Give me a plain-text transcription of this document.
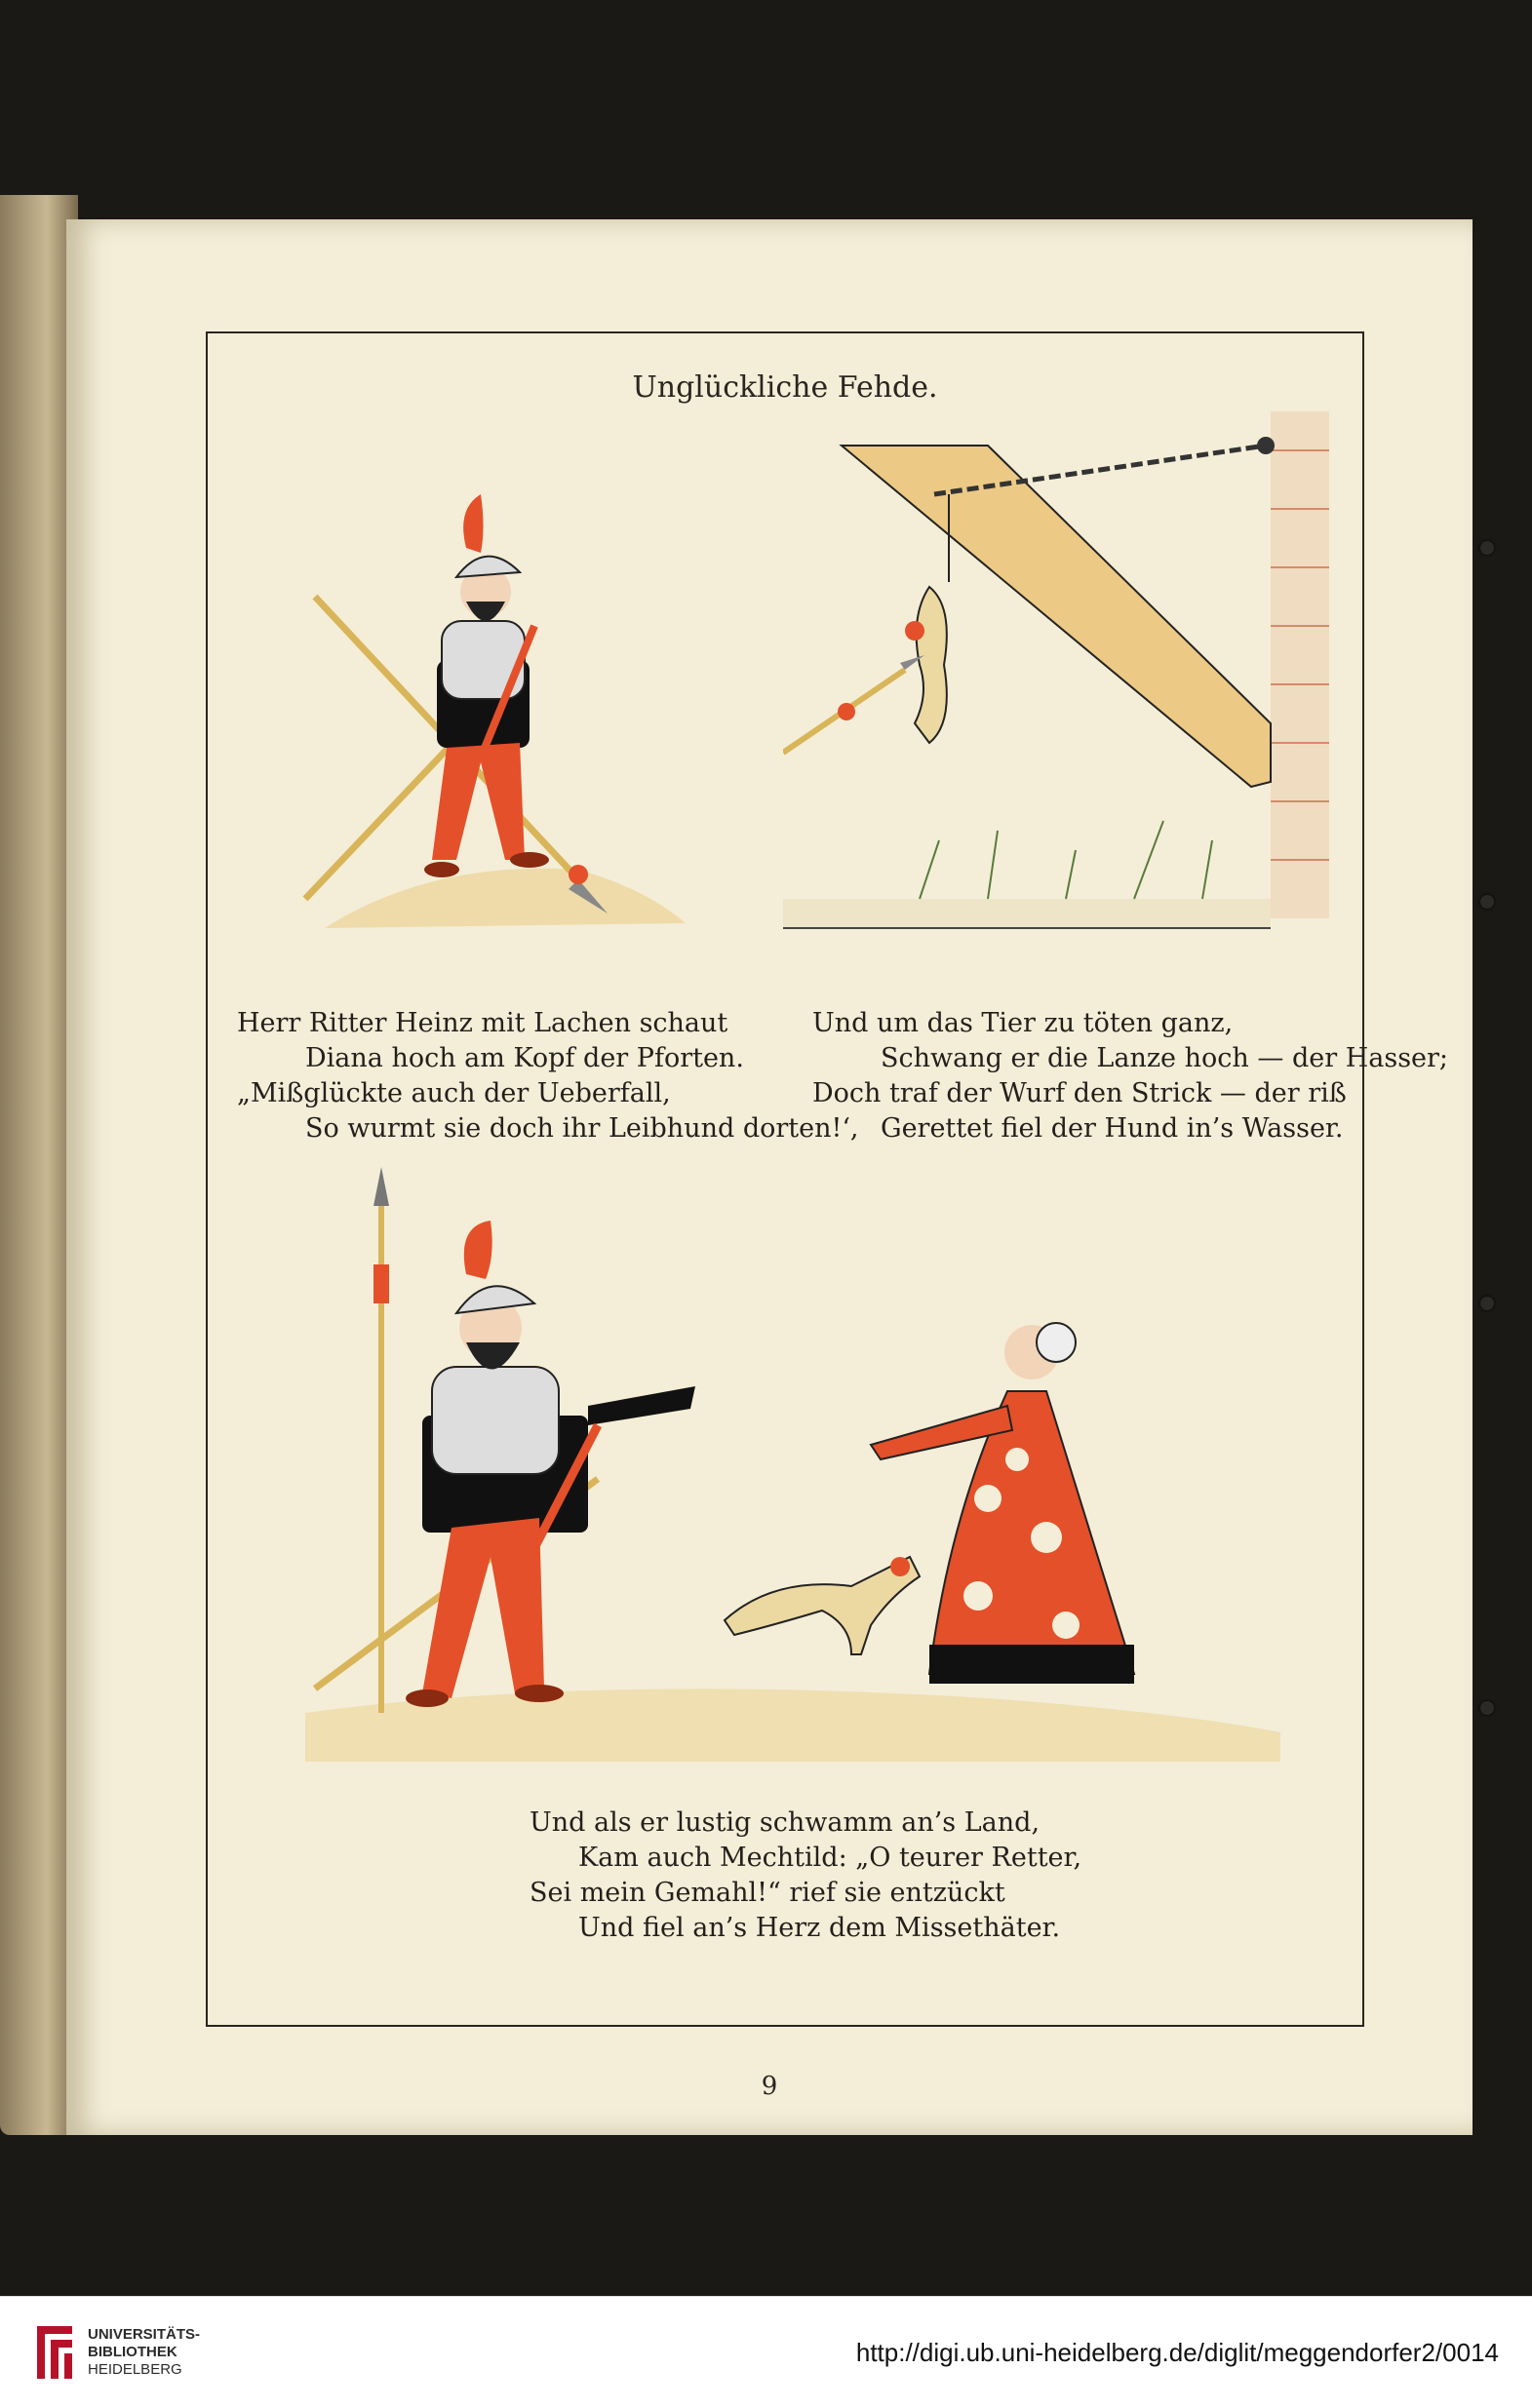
Unglückliche Fehde.
Herr Ritter Heinz mit Lachen schaut
Diana hoch am Kopf der Pforten.
„Mißglückte auch der Ueberfall,
So wurmt sie doch ihr Leibhund dorten!‘,
Und um das Tier zu töten ganz,
Schwang er die Lanze hoch — der Hasser;
Doch traf der Wurf den Strick — der riß
Gerettet fiel der Hund in’s Wasser.
Und als er lustig schwamm an’s Land,
Kam auch Mechtild: „O teurer Retter,
Sei mein Gemahl!“ rief sie entzückt
Und fiel an’s Herz dem Missethäter.
9
UNIVERSITÄTS-
BIBLIOTHEK
HEIDELBERG
http://digi.ub.uni-heidelberg.de/diglit/meggendorfer2/0014
